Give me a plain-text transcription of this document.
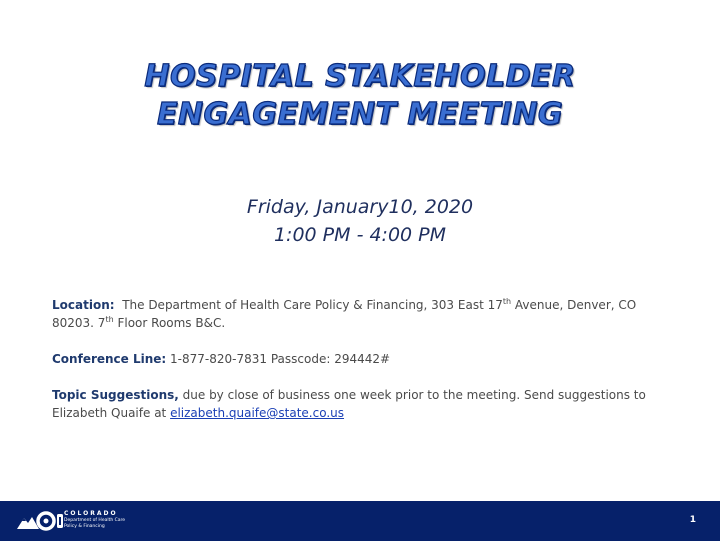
HOSPITAL STAKEHOLDER
ENGAGEMENT MEETING
Friday, January10, 2020
1:00 PM - 4:00 PM

Location: The Department of Health Care Policy & Financing, 303 East 17th Avenue, Denver, CO 80203. 7th Floor Rooms B&C.

Conference Line: 1-877-820-7831 Passcode: 294442#

Topic Suggestions, due by close of business one week prior to the meeting. Send suggestions to Elizabeth Quaife at elizabeth.quaife@state.co.us

COLORADO
Department of Health Care
Policy & Financing
1
